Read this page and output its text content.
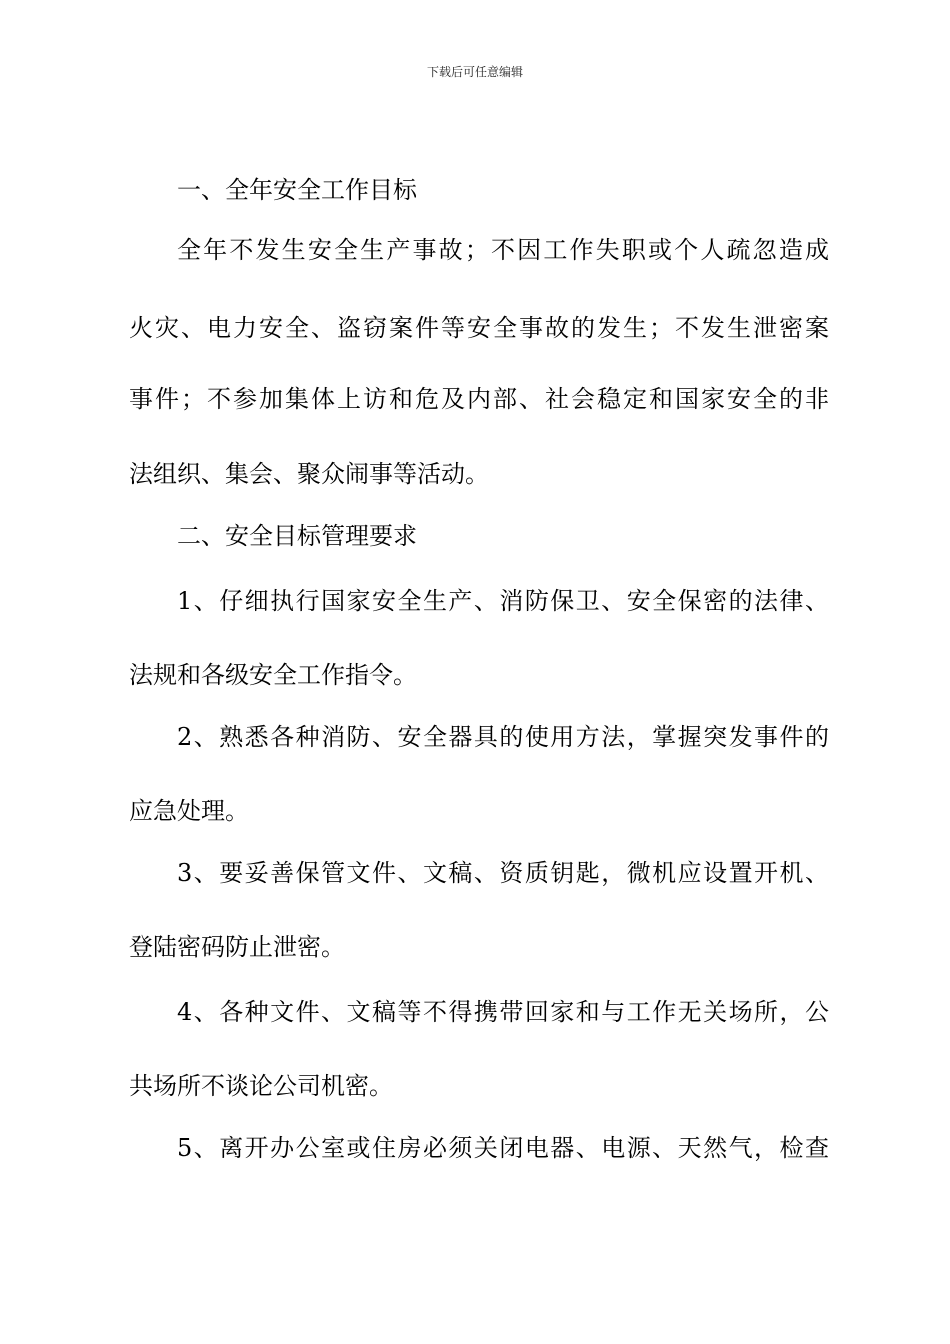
下载后可任意编辑
一、全年安全工作目标
全年不发生安全生产事故；不因工作失职或个人疏忽造成
火灾、电力安全、盗窃案件等安全事故的发生；不发生泄密案
事件；不参加集体上访和危及内部、社会稳定和国家安全的非
法组织、集会、聚众闹事等活动。
二、安全目标管理要求
1、仔细执行国家安全生产、消防保卫、安全保密的法律、
法规和各级安全工作指令。
2、熟悉各种消防、安全器具的使用方法，掌握突发事件的
应急处理。
3、要妥善保管文件、文稿、资质钥匙，微机应设置开机、
登陆密码防止泄密。
4、各种文件、文稿等不得携带回家和与工作无关场所，公
共场所不谈论公司机密。
5、离开办公室或住房必须关闭电器、电源、天然气，检查
